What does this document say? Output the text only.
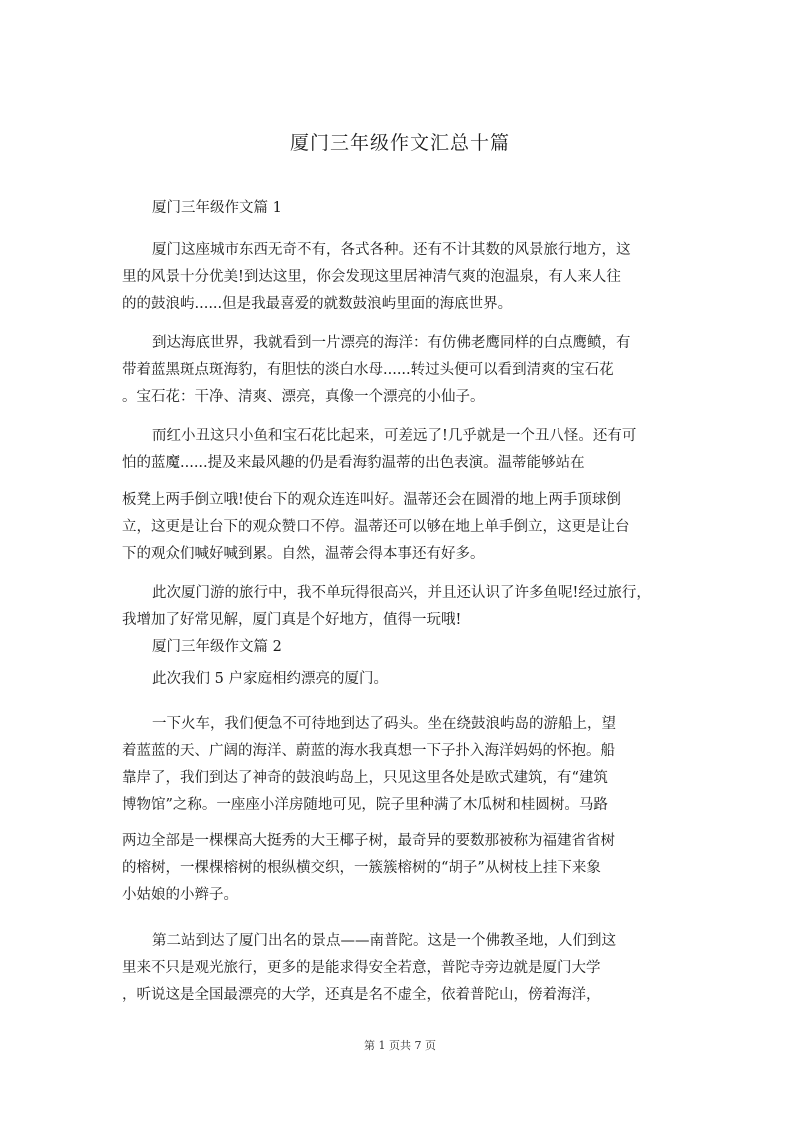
厦门三年级作文汇总十篇
厦门三年级作文篇 1
厦门这座城市东西无奇不有，各式各种。还有不计其数的风景旅行地方，这
里的风景十分优美!到达这里，你会发现这里居神清气爽的泡温泉，有人来人往
的的鼓浪屿......但是我最喜爱的就数鼓浪屿里面的海底世界。
到达海底世界，我就看到一片漂亮的海洋：有仿佛老鹰同样的白点鹰鲼，有
带着蓝黑斑点斑海豹，有胆怯的淡白水母......转过头便可以看到清爽的宝石花
。宝石花：干净、清爽、漂亮，真像一个漂亮的小仙子。
而红小丑这只小鱼和宝石花比起来，可差远了!几乎就是一个丑八怪。还有可
怕的蓝魔......提及来最风趣的仍是看海豹温蒂的出色表演。温蒂能够站在
板凳上两手倒立哦!使台下的观众连连叫好。温蒂还会在圆滑的地上两手顶球倒
立，这更是让台下的观众赞口不停。温蒂还可以够在地上单手倒立，这更是让台
下的观众们喊好喊到累。自然，温蒂会得本事还有好多。
此次厦门游的旅行中，我不单玩得很高兴，并且还认识了许多鱼呢!经过旅行，
我增加了好常见解，厦门真是个好地方，值得一玩哦!
厦门三年级作文篇 2
此次我们 5 户家庭相约漂亮的厦门。
一下火车，我们便急不可待地到达了码头。坐在绕鼓浪屿岛的游船上，望
着蓝蓝的天、广阔的海洋、蔚蓝的海水我真想一下子扑入海洋妈妈的怀抱。船
靠岸了，我们到达了神奇的鼓浪屿岛上，只见这里各处是欧式建筑，有“建筑
博物馆”之称。一座座小洋房随地可见，院子里种满了木瓜树和桂圆树。马路
两边全部是一棵棵高大挺秀的大王椰子树，最奇异的要数那被称为福建省省树
的榕树，一棵棵榕树的根纵横交织，一簇簇榕树的“胡子”从树枝上挂下来象
小姑娘的小辫子。
第二站到达了厦门出名的景点——南普陀。这是一个佛教圣地，人们到这
里来不只是观光旅行，更多的是能求得安全若意，普陀寺旁边就是厦门大学
，听说这是全国最漂亮的大学，还真是名不虚全，依着普陀山，傍着海洋，
第 1 页共 7 页
